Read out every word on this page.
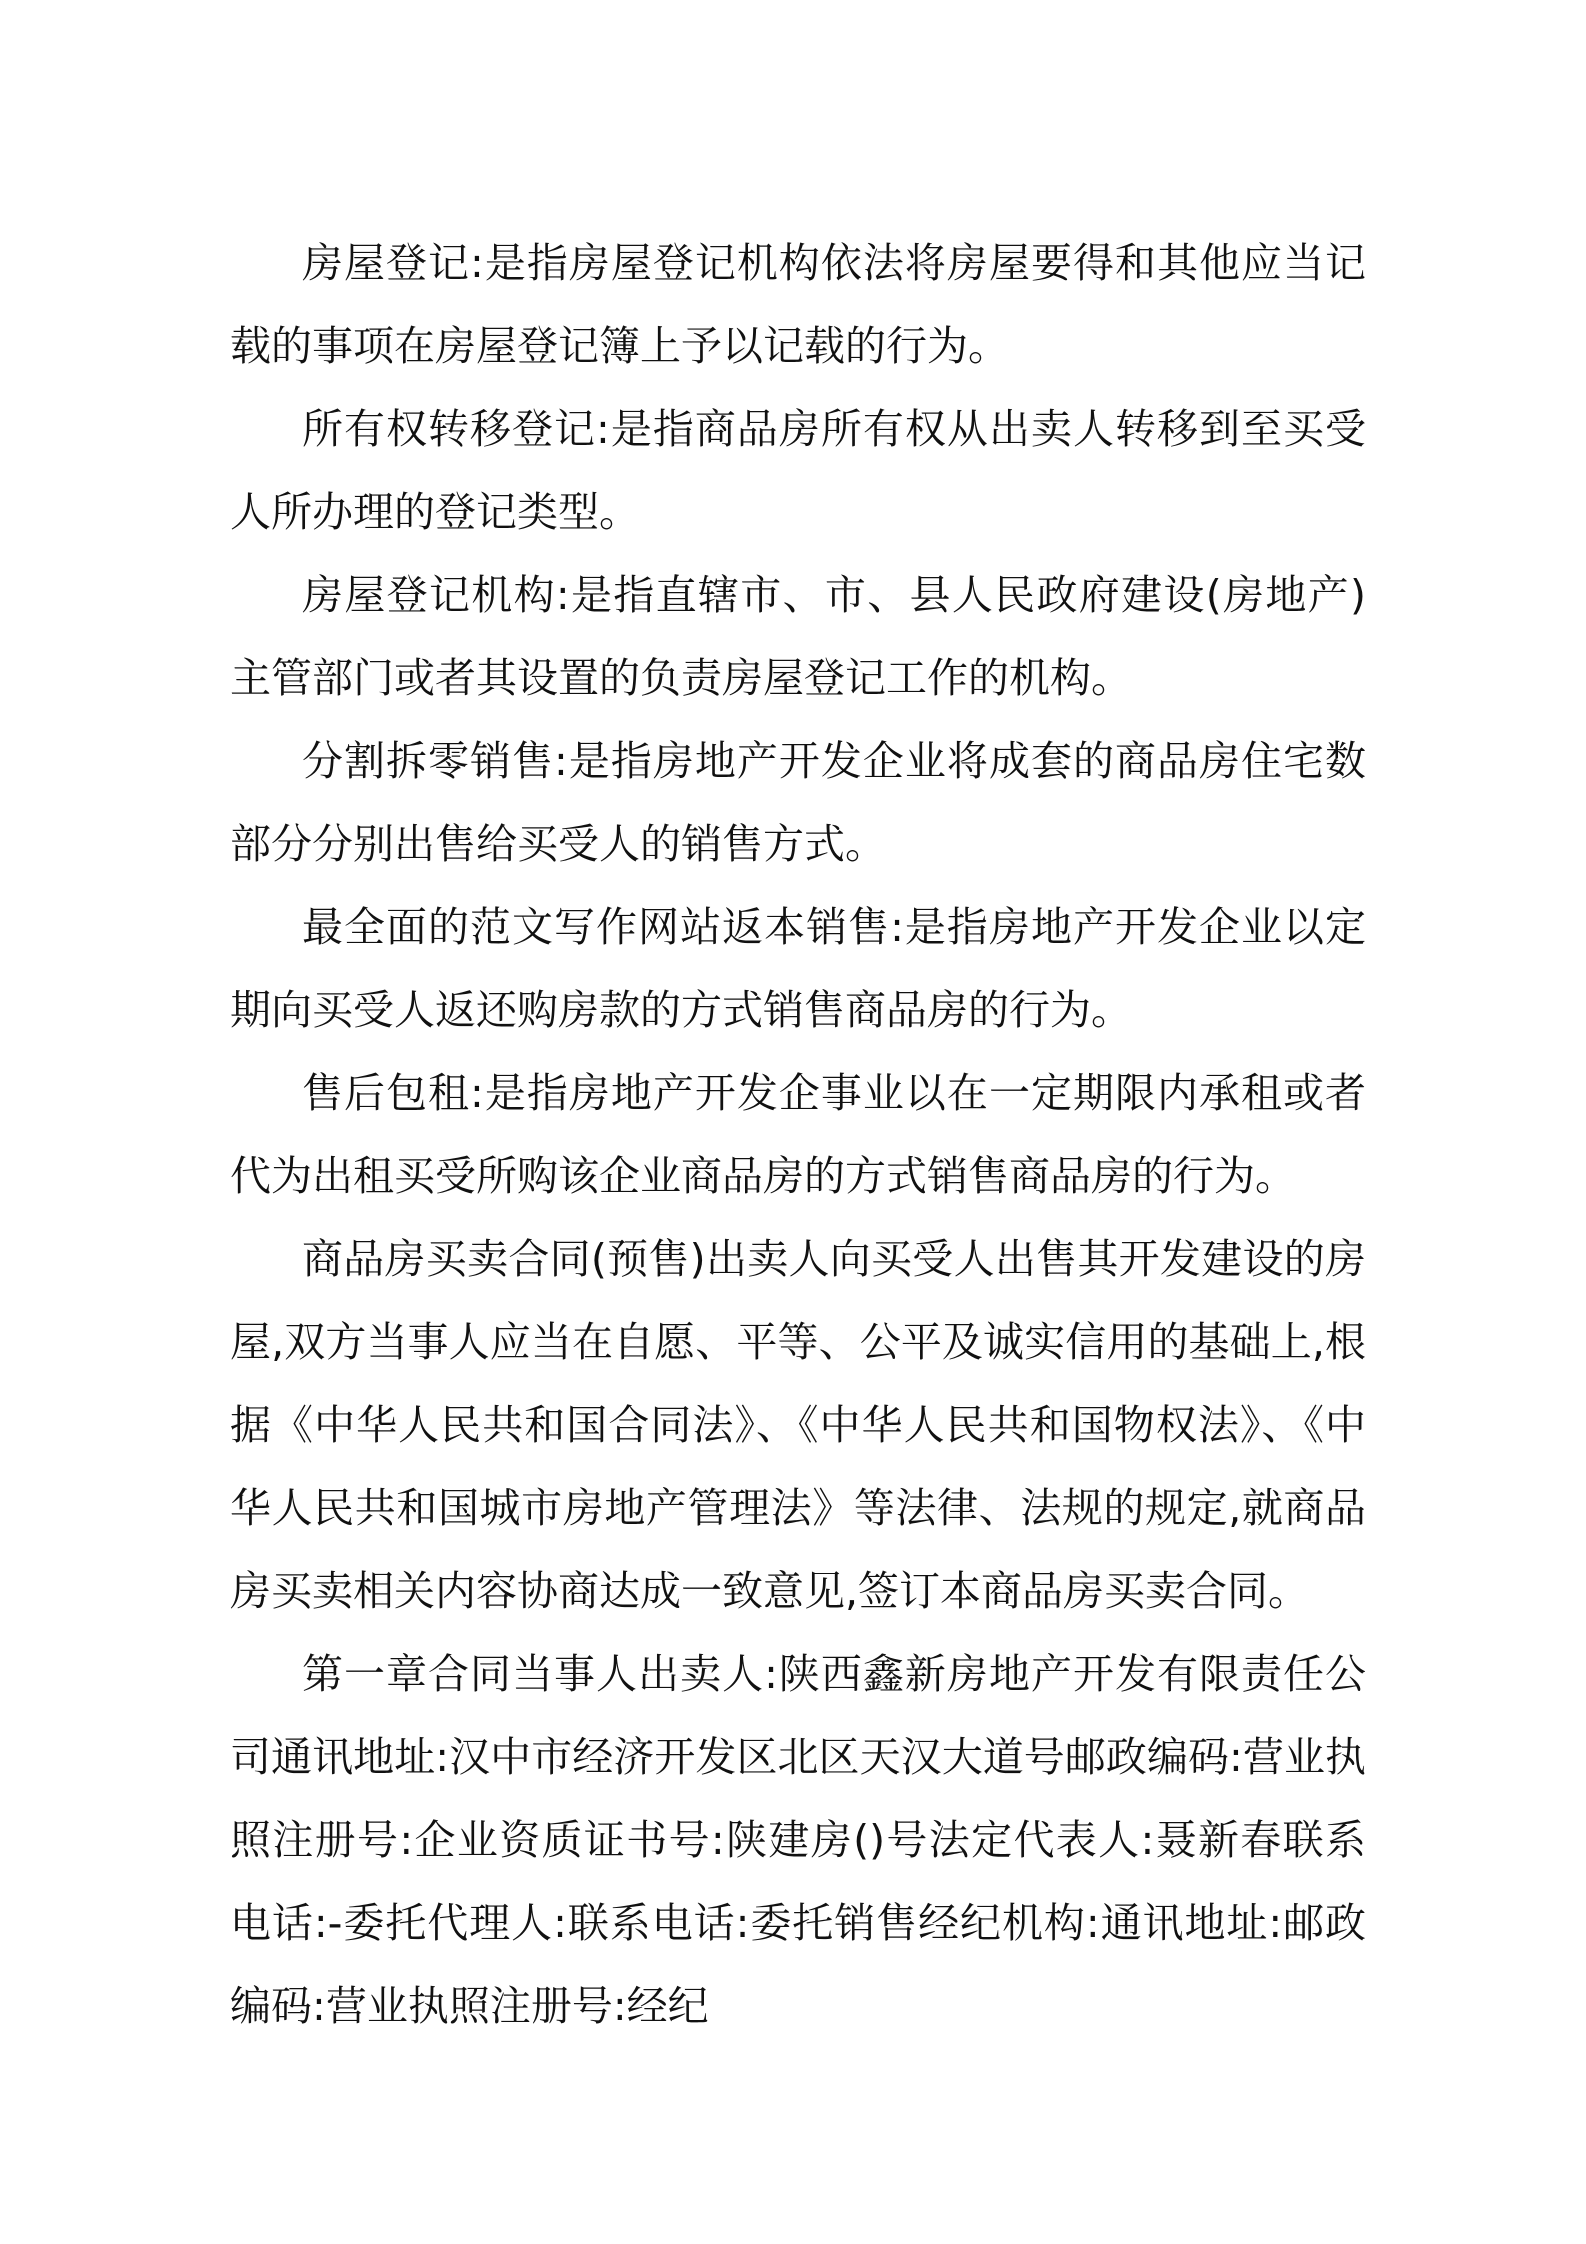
房屋登记:是指房屋登记机构依法将房屋要得和其他应当记载的事项在房屋登记簿上予以记载的行为。

所有权转移登记:是指商品房所有权从出卖人转移到至买受人所办理的登记类型。

房屋登记机构:是指直辖市、市、县人民政府建设(房地产)主管部门或者其设置的负责房屋登记工作的机构。

分割拆零销售:是指房地产开发企业将成套的商品房住宅数部分分别出售给买受人的销售方式。

最全面的范文写作网站返本销售:是指房地产开发企业以定期向买受人返还购房款的方式销售商品房的行为。

售后包租:是指房地产开发企事业以在一定期限内承租或者代为出租买受所购该企业商品房的方式销售商品房的行为。

商品房买卖合同(预售)出卖人向买受人出售其开发建设的房屋,双方当事人应当在自愿、平等、公平及诚实信用的基础上,根据《中华人民共和国合同法》、《中华人民共和国物权法》、《中华人民共和国城市房地产管理法》等法律、法规的规定,就商品房买卖相关内容协商达成一致意见,签订本商品房买卖合同。

第一章合同当事人出卖人:陕西鑫新房地产开发有限责任公司通讯地址:汉中市经济开发区北区天汉大道号邮政编码:营业执照注册号:企业资质证书号:陕建房()号法定代表人:聂新春联系电话:-委托代理人:联系电话:委托销售经纪机构:通讯地址:邮政编码:营业执照注册号:经纪
